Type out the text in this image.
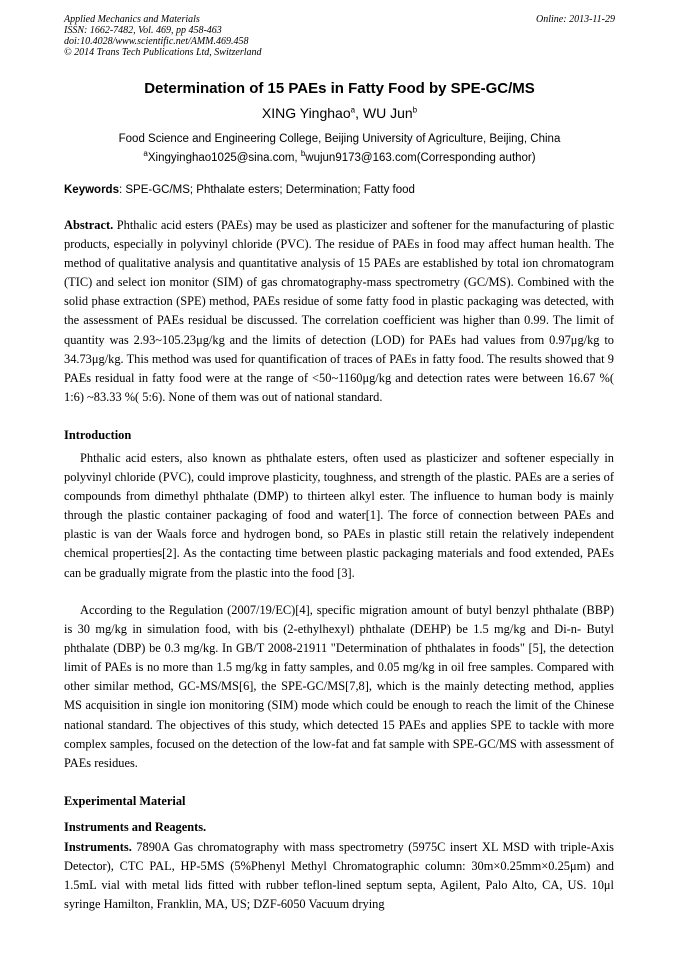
Applied Mechanics and Materials
ISSN: 1662-7482, Vol. 469, pp 458-463
doi:10.4028/www.scientific.net/AMM.469.458
© 2014 Trans Tech Publications Ltd, Switzerland
Online: 2013-11-29
Determination of 15 PAEs in Fatty Food by SPE-GC/MS
XING Yinghao$^a$, WU Jun$^b$
Food Science and Engineering College, Beijing University of Agriculture, Beijing, China
$^a$Xingyinghao1025@sina.com, $^b$wujun9173@163.com(Corresponding author)
Keywords: SPE-GC/MS; Phthalate esters; Determination; Fatty food

Abstract. Phthalic acid esters (PAEs) may be used as plasticizer and softener for the manufacturing of plastic products, especially in polyvinyl chloride (PVC). The residue of PAEs in food may affect human health. The method of qualitative analysis and quantitative analysis of 15 PAEs are established by total ion chromatogram (TIC) and select ion monitor (SIM) of gas chromatography-mass spectrometry (GC/MS). Combined with the solid phase extraction (SPE) method, PAEs residue of some fatty food in plastic packaging was detected, with the assessment of PAEs residual be discussed. The correlation coefficient was higher than 0.99. The limit of quantity was 2.93~105.23μg/kg and the limits of detection (LOD) for PAEs had values from 0.97μg/kg to 34.73μg/kg. This method was used for quantification of traces of PAEs in fatty food. The results showed that 9 PAEs residual in fatty food were at the range of <50~1160μg/kg and detection rates were between 16.67 %( 1:6) ~83.33 %( 5:6). None of them was out of national standard.

Introduction

Phthalic acid esters, also known as phthalate esters, often used as plasticizer and softener especially in polyvinyl chloride (PVC), could improve plasticity, toughness, and strength of the plastic. PAEs are a series of compounds from dimethyl phthalate (DMP) to thirteen alkyl ester. The influence to human body is mainly through the plastic container packaging of food and water[1]. The force of connection between PAEs and plastic is van der Waals force and hydrogen bond, so PAEs in plastic still retain the relatively independent chemical properties[2]. As the contacting time between plastic packaging materials and food extended, PAEs can be gradually migrate from the plastic into the food [3].

According to the Regulation (2007/19/EC)[4], specific migration amount of butyl benzyl phthalate (BBP) is 30 mg/kg in simulation food, with bis (2-ethylhexyl) phthalate (DEHP) be 1.5 mg/kg and Di-n- Butyl phthalate (DBP) be 0.3 mg/kg. In GB/T 2008-21911 "Determination of phthalates in foods" [5], the detection limit of PAEs is no more than 1.5 mg/kg in fatty samples, and 0.05 mg/kg in oil free samples. Compared with other similar method, GC-MS/MS[6], the SPE-GC/MS[7,8], which is the mainly detecting method, applies MS acquisition in single ion monitoring (SIM) mode which could be enough to reach the limit of the Chinese national standard. The objectives of this study, which detected 15 PAEs and applies SPE to tackle with more complex samples, focused on the detection of the low-fat and fat sample with SPE-GC/MS with assessment of PAEs residues.

Experimental Material
Instruments and Reagents.

Instruments. 7890A Gas chromatography with mass spectrometry (5975C insert XL MSD with triple-Axis Detector), CTC PAL, HP-5MS (5%Phenyl Methyl Chromatographic column: 30m×0.25mm×0.25μm) and 1.5mL vial with metal lids fitted with rubber teflon-lined septum septa, Agilent, Palo Alto, CA, US. 10μl syringe Hamilton, Franklin, MA, US; DZF-6050 Vacuum drying
